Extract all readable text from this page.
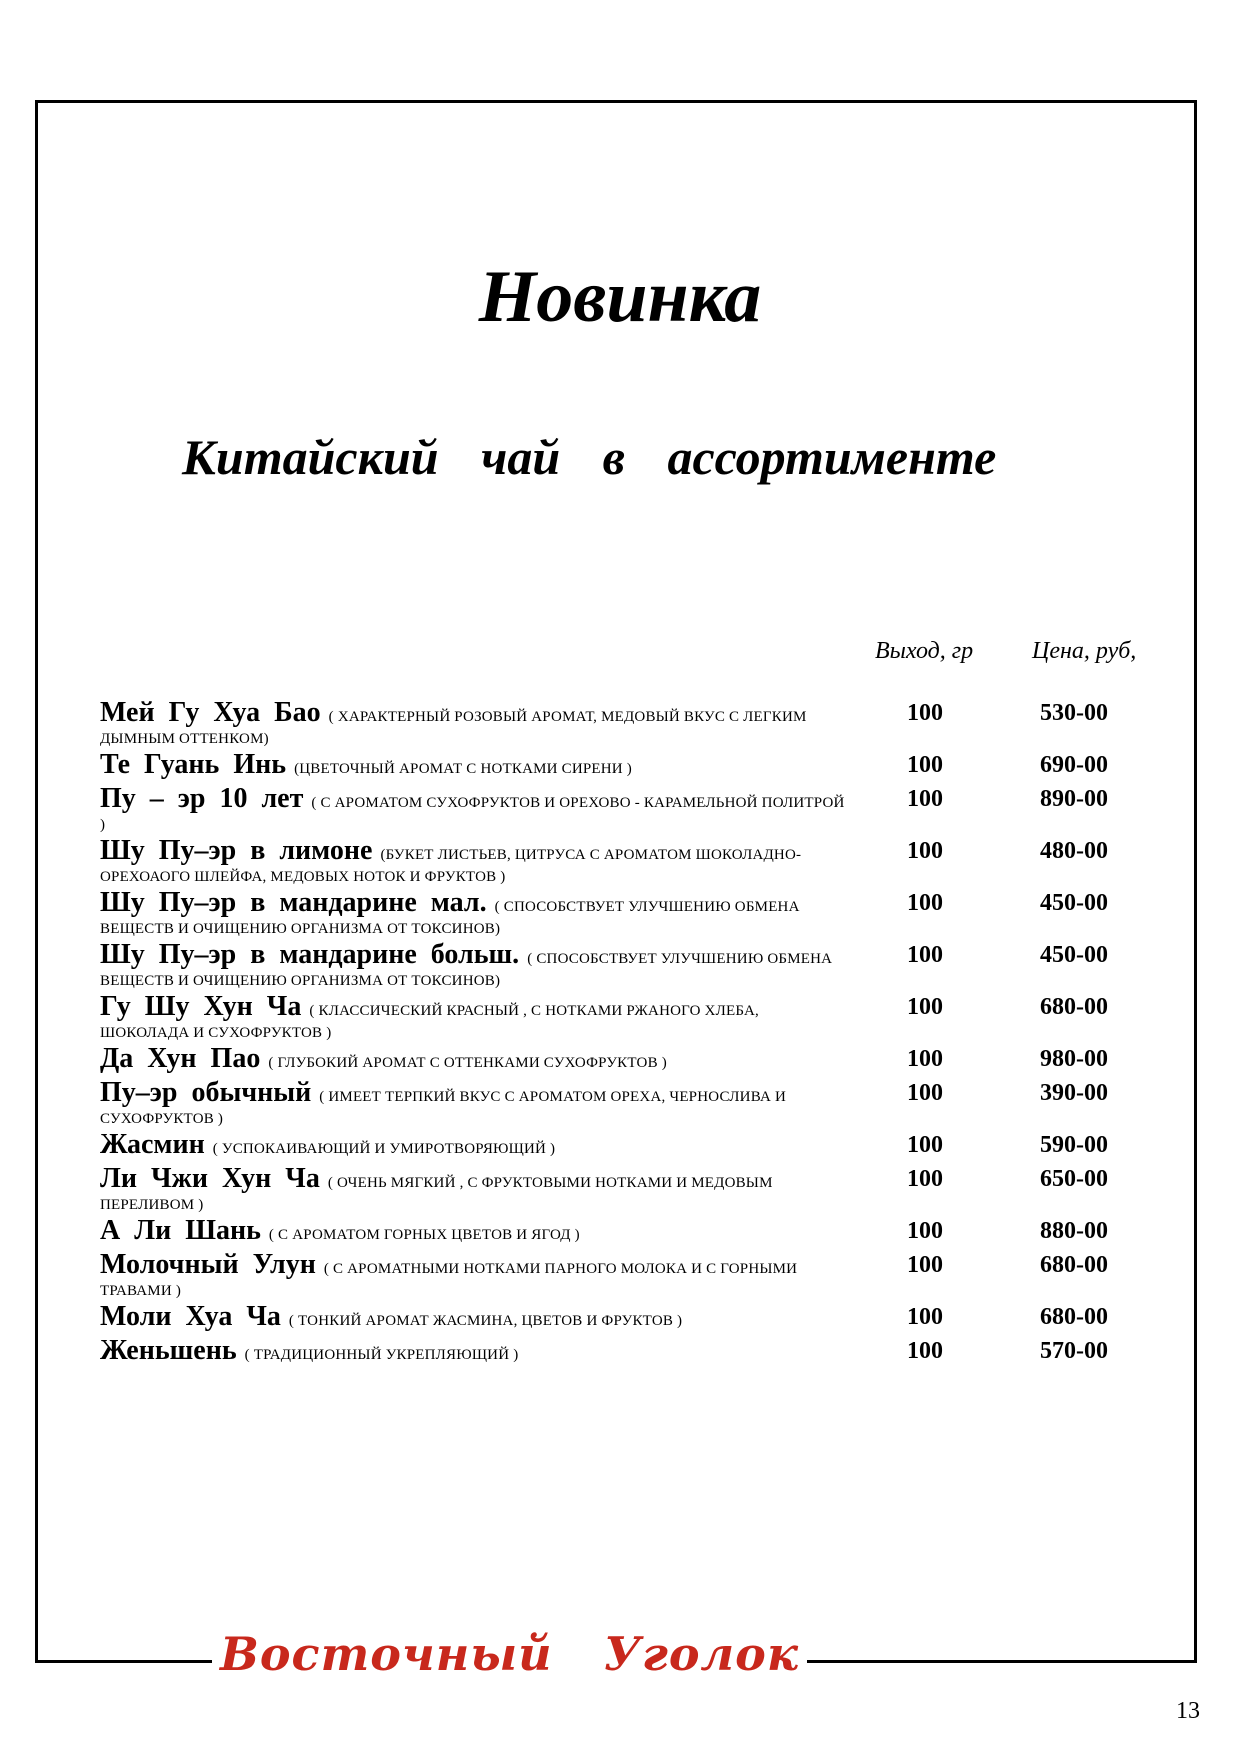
Новинка
Китайский чай в ассортименте
Выход, гр Цена, руб,
Мей Гу Хуа Бао ( ХАРАКТЕРНЫЙ РОЗОВЫЙ АРОМАТ, МЕДОВЫЙ ВКУС С ЛЕГКИМ ДЫМНЫМ ОТТЕНКОМ)
100	530-00
Те Гуань Инь (ЦВЕТОЧНЫЙ АРОМАТ С НОТКАМИ СИРЕНИ )	100	690-00
Пу – эр 10 лет ( С АРОМАТОМ СУХОФРУКТОВ И ОРЕХОВО - КАРАМЕЛЬНОЙ ПОЛИТРОЙ )
100	890-00
Шу Пу–эр в лимоне (БУКЕТ ЛИСТЬЕВ, ЦИТРУСА С АРОМАТОМ ШОКОЛАДНО-ОРЕХОАОГО ШЛЕЙФА, МЕДОВЫХ НОТОК И ФРУКТОВ )
100	480-00
Шу Пу–эр в мандарине мал. ( СПОСОБСТВУЕТ УЛУЧШЕНИЮ ОБМЕНА ВЕЩЕСТВ И ОЧИЩЕНИЮ ОРГАНИЗМА ОТ ТОКСИНОВ)
100	450-00
Шу Пу–эр в мандарине больш. ( СПОСОБСТВУЕТ УЛУЧШЕНИЮ ОБМЕНА ВЕЩЕСТВ И ОЧИЩЕНИЮ ОРГАНИЗМА ОТ ТОКСИНОВ)
100	450-00
Гу Шу Хун Ча ( КЛАССИЧЕСКИЙ КРАСНЫЙ , С НОТКАМИ РЖАНОГО ХЛЕБА, ШОКОЛАДА И СУХОФРУКТОВ )
100	680-00
Да Хун Пао ( ГЛУБОКИЙ АРОМАТ С ОТТЕНКАМИ СУХОФРУКТОВ )	100	980-00
Пу–эр обычный ( ИМЕЕТ ТЕРПКИЙ ВКУС С АРОМАТОМ ОРЕХА, ЧЕРНОСЛИВА И СУХОФРУКТОВ )
100	390-00
Жасмин ( УСПОКАИВАЮЩИЙ И УМИРОТВОРЯЮЩИЙ )	100	590-00
Ли Чжи Хун Ча ( ОЧЕНЬ МЯГКИЙ , С ФРУКТОВЫМИ НОТКАМИ И МЕДОВЫМ ПЕРЕЛИВОМ )
100	650-00
А Ли Шань ( С АРОМАТОМ ГОРНЫХ ЦВЕТОВ И ЯГОД )	100	880-00
Молочный Улун ( С АРОМАТНЫМИ НОТКАМИ ПАРНОГО МОЛОКА И С ГОРНЫМИ ТРАВАМИ )
100	680-00
Моли Хуа Ча ( ТОНКИЙ АРОМАТ ЖАСМИНА, ЦВЕТОВ И ФРУКТОВ )	100	680-00
Женьшень ( ТРАДИЦИОННЫЙ УКРЕПЛЯЮЩИЙ )	100	570-00
Восточный Уголок
13
